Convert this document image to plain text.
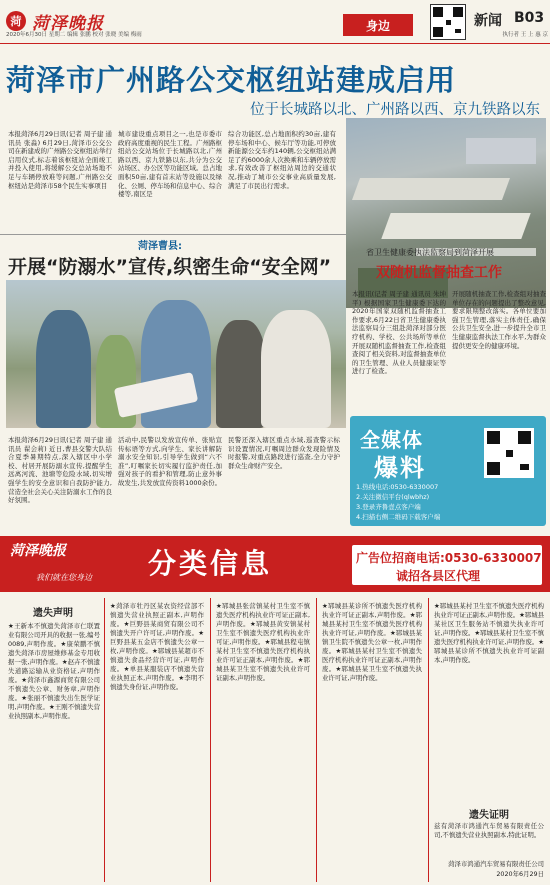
菏 菏泽晚报
2020年6月30日 星期二 编辑 张鹏 校对 张晓 美编 梅雨
身边	新闻 B03
执行者 王 上 惠 京
菏泽市广州路公交枢纽站建成启用
位于长城路以北、广州路以西、京九铁路以东
本报菏泽6月29日讯(记者 周子建 通讯员 张淼) 6月29日,菏泽市公交公司在新建成的广州路公交枢纽站举行启用仪式,标志着该枢纽站全面竣工并投入使用,将缓解公交总站场地不足与车辆停放难等问题,广州路公交枢纽站是菏泽市58个民生实事项目
城市建设重点项目之一,也是市委市政府高度重视的民生工程。广州路枢纽站公交站场位于长城路以北,广州路以西、京九铁路以东,共分为公交站场区、办公区等功能区域。总占地面积50亩,建有首末站等设施以及绿化、公厕、停车场和信息中心、综合楼等,南区是
综合功能区,总占地面积约30亩,建有停车场和中心、候车厅等功能,可停放新能源公交车约140辆,公交枢纽站满足了约6000余人次换乘和车辆停放需求,有效改善了枢纽站周边的交通状况,推动了城市公交事业高质量发展,满足了市民出行需求。
菏泽曹县:
开展“防溺水”宣传,织密生命“安全网”
本报菏泽6月29日讯(记者 周子建 通讯员 翟会莉) 近日,曹县交警大队结合夏季暑期特点,深入辖区中小学校、村居开展防溺水宣传,提醒学生远离河流、池塘等危险水域,切实增强学生的安全意识和自我防护能力,营造全社会关心关注防溺水工作的良好氛围。
活动中,民警以发放宣传单、张贴宣传标语等方式,向学生、家长讲解防溺水安全知识,引导学生做到“六不准”,叮嘱家长切实履行监护责任,加强对孩子的看护和管理,防止意外事故发生,共发放宣传资料1000余份。
民警还深入辖区重点水域,巡查警示标识设置情况,叮嘱周边群众发现险情及时报警,对重点路段进行巡查,全力守护群众生命财产安全。
省卫生健康委执法监察局到菏泽开展
双随机监督抽查工作
本报讯(记者 周子建 通讯员 朱坤平) 根据国家卫生健康委下达的2020年国家双随机监督抽查工作要求,6月22日省卫生健康委执法监察局分三组赴菏泽对部分医疗机构、学校、公共场所等单位开展双随机监督抽查工作,检查组查阅了相关资料,对监督抽查单位的卫生管理、从业人员健康证等进行了检查。
开展随机抽查工作,检查组对抽查单位存在的问题提出了整改意见,要求限期整改落实。各单位要加强卫生管理,落实主体责任,确保公共卫生安全,进一步提升全市卫生健康监督执法工作水平,为群众提供更安全的健康环境。
全媒体
爆料
1.热线电话:0530-6330007
2.关注微信平台(qlwbhz)
3.登录齐鲁壹点客户端
4.扫描右侧二维码下载客户端
菏泽晚报
我们就在您身边 分类信息	广告位招商电话:0530-6330007
诚招各县区代理
遗失声明
★王新本不慎遗失菏泽市仁联置业有限公司开具的收据一张,编号0089,声明作废。★康荣鹏不慎遗失菏泽市房屋维修基金专用收据一张,声明作废。★赵卉不慎遗失道路运输从业资格证,声明作废。★菏泽市鑫源商贸有限公司不慎遗失公章、财务章,声明作废。★张丽不慎遗失出生医学证明,声明作废。★王刚不慎遗失营业执照副本,声明作废。
★菏泽市牡丹区某农资经营部不慎遗失营业执照正副本,声明作废。★巨野县某商贸有限公司不慎遗失开户许可证,声明作废。★巨野县某五金店不慎遗失公章一枚,声明作废。★郓城县某超市不慎遗失食品经营许可证,声明作废。★单县某服装店不慎遗失营业执照正本,声明作废。★李明不慎遗失身份证,声明作废。
★郓城县张营镇某村卫生室不慎遗失医疗机构执业许可证正副本,声明作废。★郓城县黄安镇某村卫生室不慎遗失医疗机构执业许可证,声明作废。★郓城县程屯镇某村卫生室不慎遗失医疗机构执业许可证正副本,声明作废。★郓城县某卫生室不慎遗失执业许可证副本,声明作废。
★郓城县某诊所不慎遗失医疗机构执业许可证正副本,声明作废。★郓城县某村卫生室不慎遗失医疗机构执业许可证,声明作废。★郓城县某镇卫生院不慎遗失公章一枚,声明作废。★郓城县某村卫生室不慎遗失医疗机构执业许可证正副本,声明作废。★郓城县某卫生室不慎遗失执业许可证,声明作废。
★郓城县某村卫生室不慎遗失医疗机构执业许可证正副本,声明作废。★郓城县某社区卫生服务站不慎遗失执业许可证,声明作废。★郓城县某村卫生室不慎遗失医疗机构执业许可证,声明作废。★郓城县某诊所不慎遗失执业许可证副本,声明作废。
遗失证明
兹有菏泽市鸿通汽车贸易有限责任公司,不慎遗失营业执照副本,特此证明。
菏泽市鸿通汽车贸易有限责任公司
2020年6月29日
